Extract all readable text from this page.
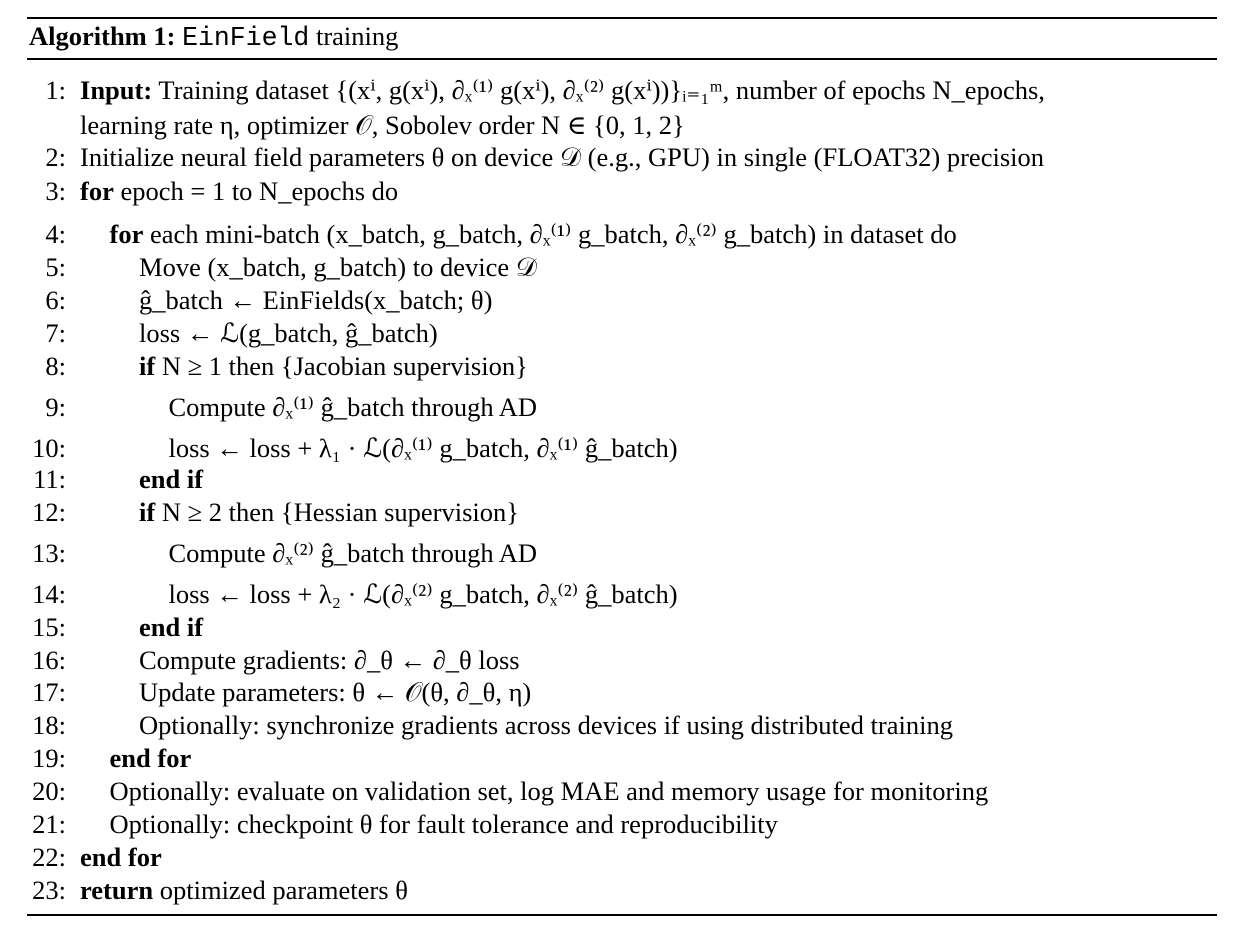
Algorithm 1: EinField training
1: Input: Training dataset {(xⁱ, g(xⁱ), ∂ₓ⁽¹⁾ g(xⁱ), ∂ₓ⁽²⁾ g(xⁱ))}ᵢ₌₁ᵐ, number of epochs N_epochs,
learning rate η, optimizer 𝒪, Sobolev order N ∈ {0, 1, 2}
2: Initialize neural field parameters θ on device 𝒟 (e.g., GPU) in single (FLOAT32) precision
3: for epoch = 1 to N_epochs do
4: for each mini-batch (x_batch, g_batch, ∂ₓ⁽¹⁾ g_batch, ∂ₓ⁽²⁾ g_batch) in dataset do
5:	Move (x_batch, g_batch) to device 𝒟
6:	ĝ_batch ← EinFields(x_batch; θ)
7:	loss ← ℒ(g_batch, ĝ_batch)
8:	if N ≥ 1 then {Jacobian supervision}
9:	Compute ∂ₓ⁽¹⁾ ĝ_batch through AD
10:	loss ← loss + λ₁ · ℒ(∂ₓ⁽¹⁾ g_batch, ∂ₓ⁽¹⁾ ĝ_batch)
11:	end if
12:	if N ≥ 2 then {Hessian supervision}
13:	Compute ∂ₓ⁽²⁾ ĝ_batch through AD
14:	loss ← loss + λ₂ · ℒ(∂ₓ⁽²⁾ g_batch, ∂ₓ⁽²⁾ ĝ_batch)
15:	end if
16:	Compute gradients: ∂_θ ← ∂_θ loss
17:	Update parameters: θ ← 𝒪(θ, ∂_θ, η)
18:	Optionally: synchronize gradients across devices if using distributed training
19: end for
20: Optionally: evaluate on validation set, log MAE and memory usage for monitoring
21: Optionally: checkpoint θ for fault tolerance and reproducibility
22: end for
23: return optimized parameters θ
